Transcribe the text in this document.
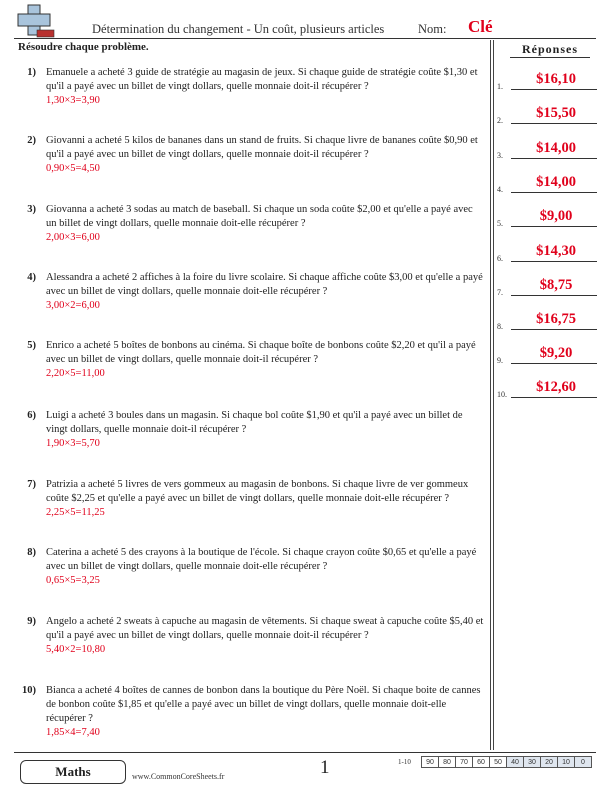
Détermination du changement - Un coût, plusieurs articles	Nom: Clé
Résoudre chaque problème.	Réponses
1) Emanuele a acheté 3 guide de stratégie au magasin de jeux. Si chaque guide de stratégie coûte $1,30 et qu'il a payé avec un billet de vingt dollars, quelle monnaie doit-il récupérer ?
1,30×3=3,90
2) Giovanni a acheté 5 kilos de bananes dans un stand de fruits. Si chaque livre de bananes coûte $0,90 et qu'il a payé avec un billet de vingt dollars, quelle monnaie doit-il récupérer ?
0,90×5=4,50
3) Giovanna a acheté 3 sodas au match de baseball. Si chaque un soda coûte $2,00 et qu'elle a payé avec un billet de vingt dollars, quelle monnaie doit-elle récupérer ?
2,00×3=6,00
4) Alessandra a acheté 2 affiches à la foire du livre scolaire. Si chaque affiche coûte $3,00 et qu'elle a payé avec un billet de vingt dollars, quelle monnaie doit-elle récupérer ?
3,00×2=6,00
5) Enrico a acheté 5 boîtes de bonbons au cinéma. Si chaque boîte de bonbons coûte $2,20 et qu'il a payé avec un billet de vingt dollars, quelle monnaie doit-il récupérer ?
2,20×5=11,00
6) Luigi a acheté 3 boules dans un magasin. Si chaque bol coûte $1,90 et qu'il a payé avec un billet de vingt dollars, quelle monnaie doit-il récupérer ?
1,90×3=5,70
7) Patrizia a acheté 5 livres de vers gommeux au magasin de bonbons. Si chaque livre de ver gommeux coûte $2,25 et qu'elle a payé avec un billet de vingt dollars, quelle monnaie doit-elle récupérer ?
2,25×5=11,25
8) Caterina a acheté 5 des crayons à la boutique de l'école. Si chaque crayon coûte $0,65 et qu'elle a payé avec un billet de vingt dollars, quelle monnaie doit-elle récupérer ?
0,65×5=3,25
9) Angelo a acheté 2 sweats à capuche au magasin de vêtements. Si chaque sweat à capuche coûte $5,40 et qu'il a payé avec un billet de vingt dollars, quelle monnaie doit-il récupérer ?
5,40×2=10,80
10) Bianca a acheté 4 boîtes de cannes de bonbon dans la boutique du Père Noël. Si chaque boite de cannes de bonbon coûte $1,85 et qu'elle a payé avec un billet de vingt dollars, quelle monnaie doit-elle récupérer ?
1,85×4=7,40
1.	$16,10
2.	$15,50
3.	$14,00
4.	$14,00
5.	$9,00
6.	$14,30
7.	$8,75
8.	$16,75
9.	$9,20
10.	$12,60
Maths	www.CommonCoreSheets.fr	1	1-10 90	80	70	60	50	40	30	20	10	0
